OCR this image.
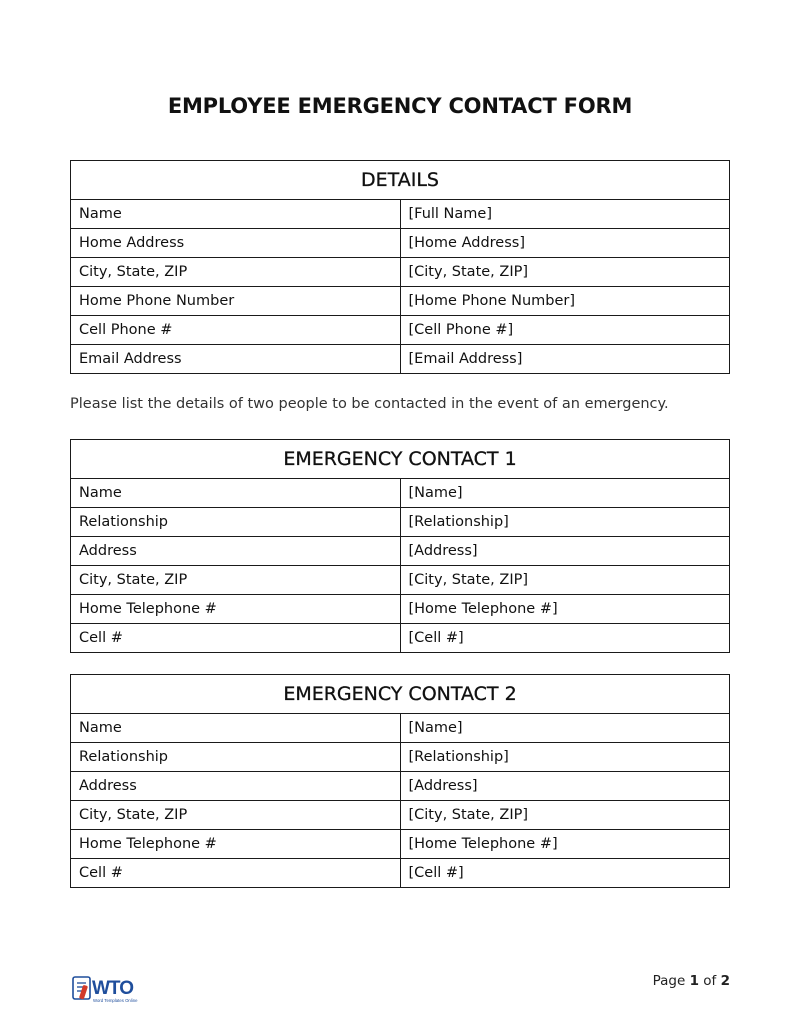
EMPLOYEE EMERGENCY CONTACT FORM
DETAILS	
Name	[Full Name]
Home Address	[Home Address]
City, State, ZIP	[City, State, ZIP]
Home Phone Number	[Home Phone Number]
Cell Phone #	[Cell Phone #]
Email Address	[Email Address]
Please list the details of two people to be contacted in the event of an emergency.
EMERGENCY CONTACT 1	
Name	[Name]
Relationship	[Relationship]
Address	[Address]
City, State, ZIP	[City, State, ZIP]
Home Telephone #	[Home Telephone #]
Cell #	[Cell #]
EMERGENCY CONTACT 2	
Name	[Name]
Relationship	[Relationship]
Address	[Address]
City, State, ZIP	[City, State, ZIP]
Home Telephone #	[Home Telephone #]
Cell #	[Cell #]
WTO
Word Templates Online
Page 1 of 2
